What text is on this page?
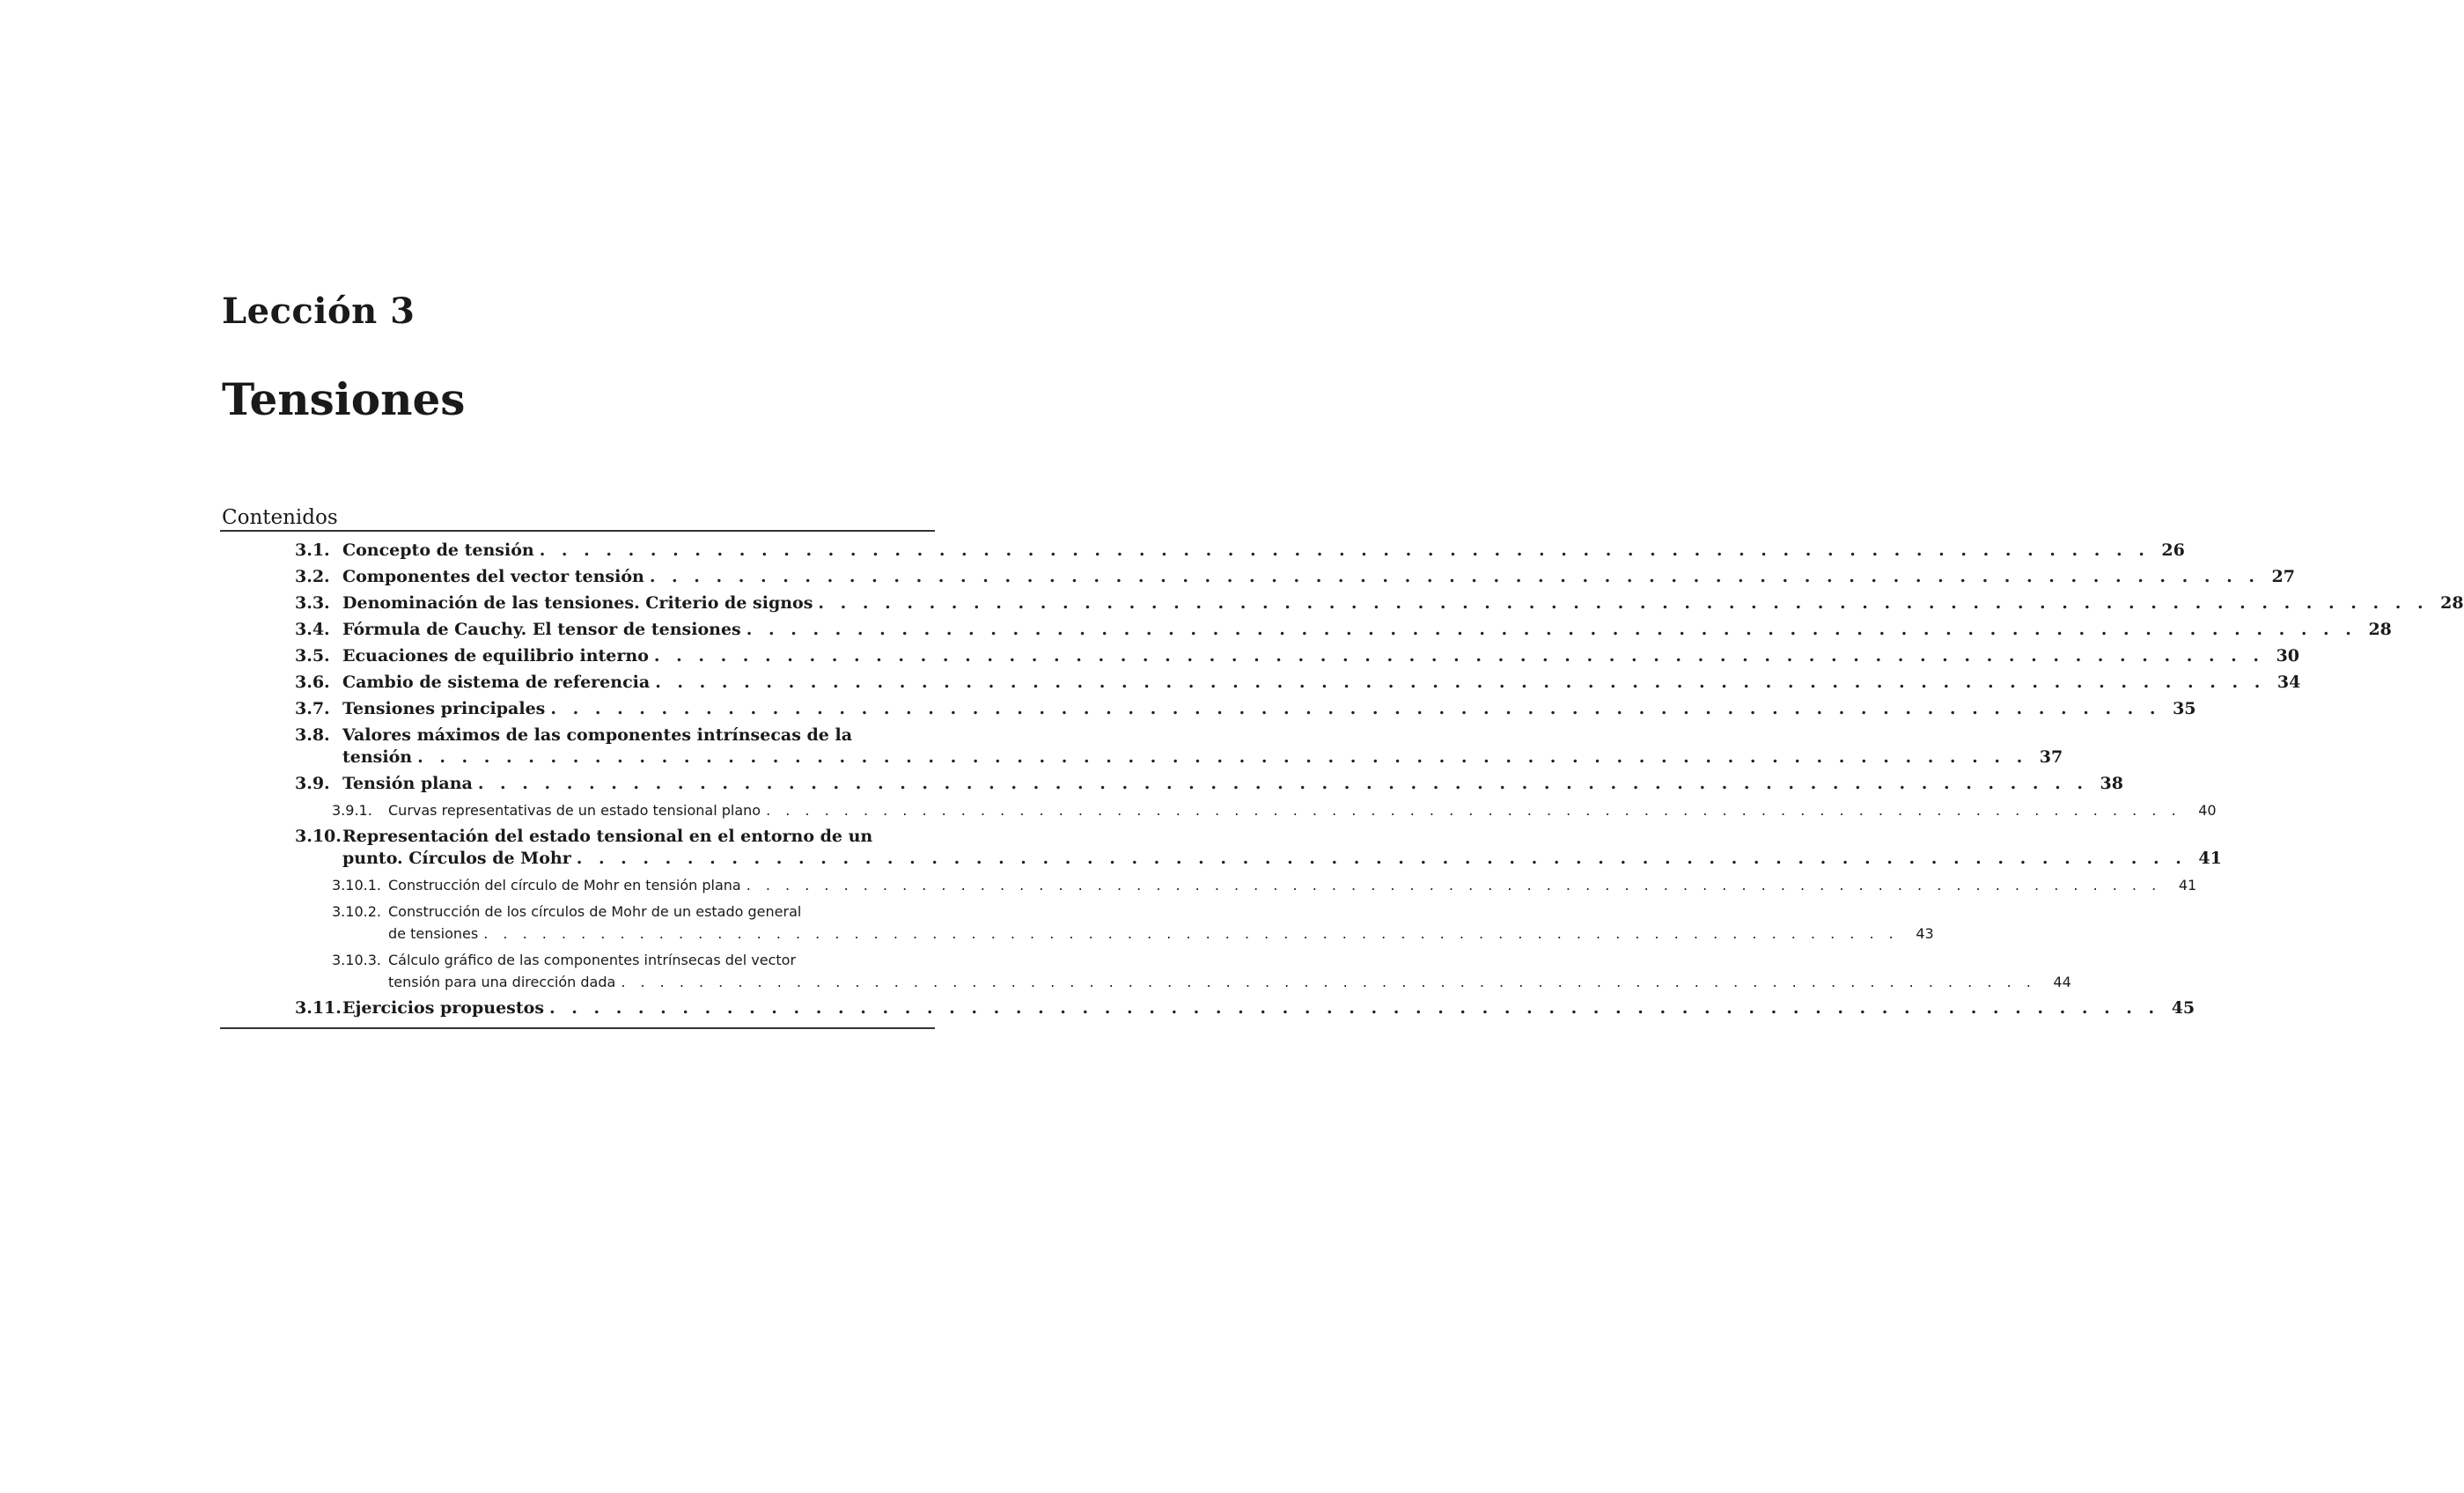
Lección 3
Tensiones
Contenidos
3.1. Concepto de tensión . . .	26
3.2. Componentes del vector tensión . . .	27
3.3. Denominación de las tensiones. Criterio de signos . . .	28
3.4. Fórmula de Cauchy. El tensor de tensiones . . .	28
3.5. Ecuaciones de equilibrio interno . . .	30
3.6. Cambio de sistema de referencia . . .	34
3.7. Tensiones principales . . .	35
3.8. Valores máximos de las componentes intrínsecas de la
tensión . . .	37
3.9. Tensión plana . . .	38
3.9.1.	Curvas representativas de un estado tensional plano . . .	40
3.10. Representación del estado tensional en el entorno de un
punto. Círculos de Mohr . . .	41
3.10.1. Construcción del círculo de Mohr en tensión plana . . .	41
3.10.2. Construcción de los círculos de Mohr de un estado general
de tensiones . . .	43
3.10.3. Cálculo gráfico de las componentes intrínsecas del vector
tensión para una dirección dada . . .	44
3.11. Ejercicios propuestos . . .	45
